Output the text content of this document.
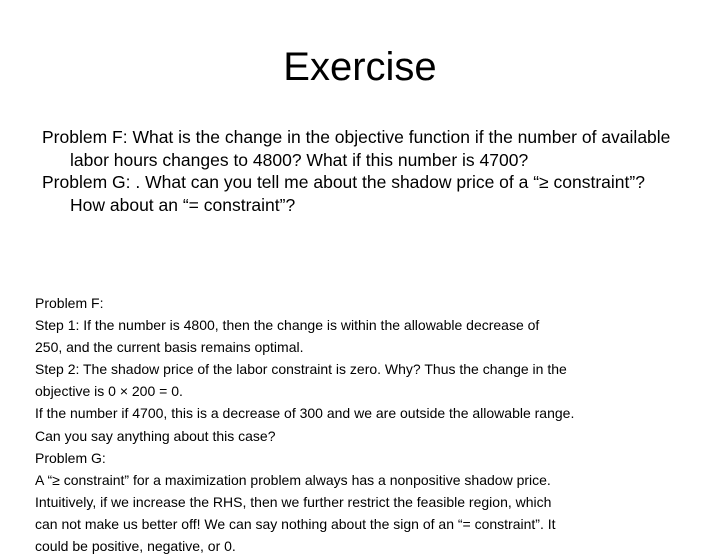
Exercise
Problem F: What is the change in the objective function if the number of available labor hours changes to 4800? What if this number is 4700?
Problem G: . What can you tell me about the shadow price of a “≥ constraint”? How about an “= constraint”?

Problem F:

Step 1: If the number is 4800, then the change is within the allowable decrease of

250, and the current basis remains optimal.

Step 2: The shadow price of the labor constraint is zero. Why? Thus the change in the

objective is 0 × 200 = 0.

If the number if 4700, this is a decrease of 300 and we are outside the allowable range.

Can you say anything about this case?

Problem G:

A “≥ constraint” for a maximization problem always has a nonpositive shadow price.

Intuitively, if we increase the RHS, then we further restrict the feasible region, which

can not make us better off! We can say nothing about the sign of an “= constraint”. It

could be positive, negative, or 0.
